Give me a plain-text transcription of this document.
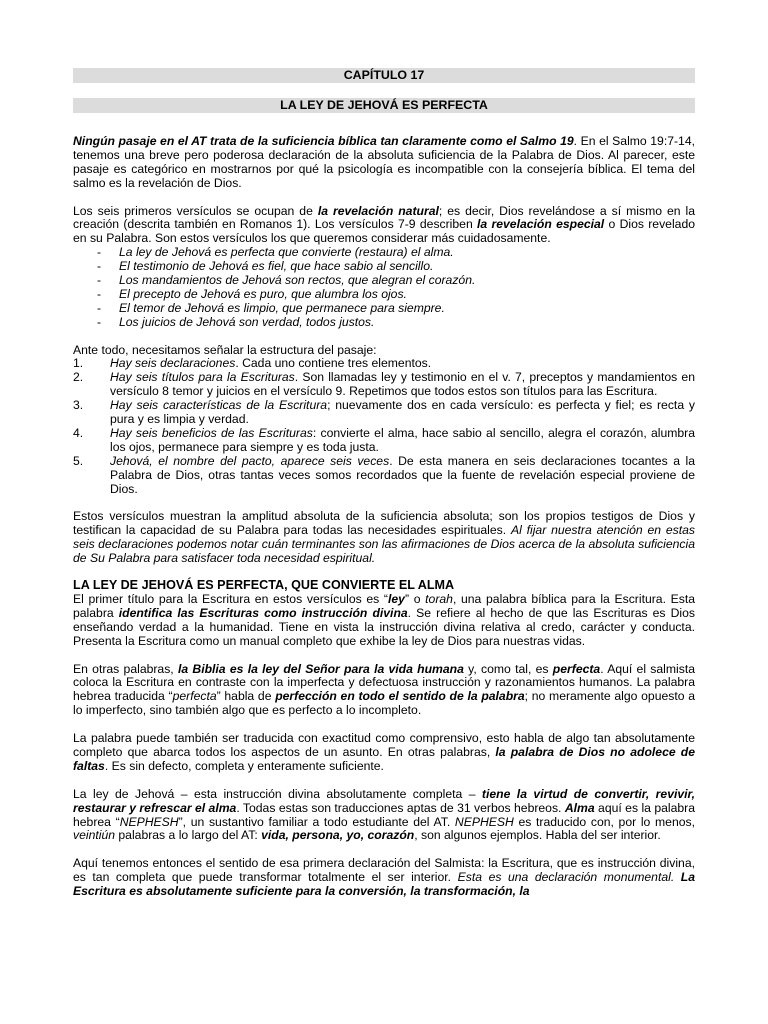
CAPÍTULO 17
LA LEY DE JEHOVÁ ES PERFECTA

Ningún pasaje en el AT trata de la suficiencia bíblica tan claramente como el Salmo 19. En el Salmo 19:7-14, tenemos una breve pero poderosa declaración de la absoluta suficiencia de la Palabra de Dios. Al parecer, este pasaje es categórico en mostrarnos por qué la psicología es incompatible con la consejería bíblica. El tema del salmo es la revelación de Dios.

Los seis primeros versículos se ocupan de la revelación natural; es decir, Dios revelándose a sí mismo en la creación (descrita también en Romanos 1). Los versículos 7-9 describen la revelación especial o Dios revelado en su Palabra. Son estos versículos los que queremos considerar más cuidadosamente.

- La ley de Jehová es perfecta que convierte (restaura) el alma.
- El testimonio de Jehová es fiel, que hace sabio al sencillo.
- Los mandamientos de Jehová son rectos, que alegran el corazón.
- El precepto de Jehová es puro, que alumbra los ojos.
- El temor de Jehová es limpio, que permanece para siempre.
- Los juicios de Jehová son verdad, todos justos.

Ante todo, necesitamos señalar la estructura del pasaje:

1. Hay seis declaraciones. Cada uno contiene tres elementos.
2. Hay seis títulos para la Escrituras. Son llamadas ley y testimonio en el v. 7, preceptos y mandamientos en versículo 8 temor y juicios en el versículo 9. Repetimos que todos estos son títulos para las Escritura.
3. Hay seis características de la Escritura; nuevamente dos en cada versículo: es perfecta y fiel; es recta y pura y es limpia y verdad.
4. Hay seis beneficios de las Escrituras: convierte el alma, hace sabio al sencillo, alegra el corazón, alumbra los ojos, permanece para siempre y es toda justa.
5. Jehová, el nombre del pacto, aparece seis veces. De esta manera en seis declaraciones tocantes a la Palabra de Dios, otras tantas veces somos recordados que la fuente de revelación especial proviene de Dios.

Estos versículos muestran la amplitud absoluta de la suficiencia absoluta; son los propios testigos de Dios y testifican la capacidad de su Palabra para todas las necesidades espirituales. Al fijar nuestra atención en estas seis declaraciones podemos notar cuán terminantes son las afirmaciones de Dios acerca de la absoluta suficiencia de Su Palabra para satisfacer toda necesidad espiritual.

LA LEY DE JEHOVÁ ES PERFECTA, QUE CONVIERTE EL ALMA

El primer título para la Escritura en estos versículos es “ley” o torah, una palabra bíblica para la Escritura. Esta palabra identifica las Escrituras como instrucción divina. Se refiere al hecho de que las Escrituras es Dios enseñando verdad a la humanidad. Tiene en vista la instrucción divina relativa al credo, carácter y conducta. Presenta la Escritura como un manual completo que exhibe la ley de Dios para nuestras vidas.

En otras palabras, la Biblia es la ley del Señor para la vida humana y, como tal, es perfecta. Aquí el salmista coloca la Escritura en contraste con la imperfecta y defectuosa instrucción y razonamientos humanos. La palabra hebrea traducida “perfecta” habla de perfección en todo el sentido de la palabra; no meramente algo opuesto a lo imperfecto, sino también algo que es perfecto a lo incompleto.

La palabra puede también ser traducida con exactitud como comprensivo, esto habla de algo tan absolutamente completo que abarca todos los aspectos de un asunto. En otras palabras, la palabra de Dios no adolece de faltas. Es sin defecto, completa y enteramente suficiente.

La ley de Jehová – esta instrucción divina absolutamente completa – tiene la virtud de convertir, revivir, restaurar y refrescar el alma. Todas estas son traducciones aptas de 31 verbos hebreos. Alma aquí es la palabra hebrea “NEPHESH”, un sustantivo familiar a todo estudiante del AT. NEPHESH es traducido con, por lo menos, veintiún palabras a lo largo del AT: vida, persona, yo, corazón, son algunos ejemplos. Habla del ser interior.

Aquí tenemos entonces el sentido de esa primera declaración del Salmista: la Escritura, que es instrucción divina, es tan completa que puede transformar totalmente el ser interior. Esta es una declaración monumental. La Escritura es absolutamente suficiente para la conversión, la transformación, la
